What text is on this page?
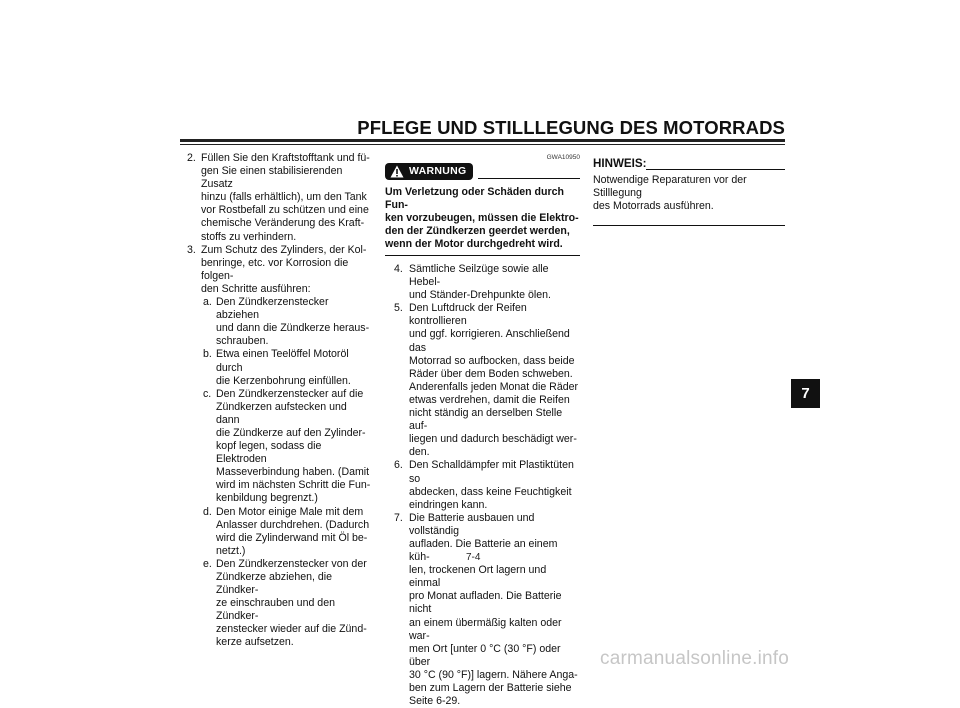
PFLEGE UND STILLLEGUNG DES MOTORRADS
2. Füllen Sie den Kraftstofftank und fü-
gen Sie einen stabilisierenden Zusatz
hinzu (falls erhältlich), um den Tank
vor Rostbefall zu schützen und eine
chemische Veränderung des Kraft-
stoffs zu verhindern.
3. Zum Schutz des Zylinders, der Kol-
benringe, etc. vor Korrosion die folgen-
den Schritte ausführen:
a. Den Zündkerzenstecker abziehen
und dann die Zündkerze heraus-
schrauben.
b. Etwa einen Teelöffel Motoröl durch
die Kerzenbohrung einfüllen.
c. Den Zündkerzenstecker auf die
Zündkerzen aufstecken und dann
die Zündkerze auf den Zylinder-
kopf legen, sodass die Elektroden
Masseverbindung haben. (Damit
wird im nächsten Schritt die Fun-
kenbildung begrenzt.)
d. Den Motor einige Male mit dem
Anlasser durchdrehen. (Dadurch
wird die Zylinderwand mit Öl be-
netzt.)
e. Den Zündkerzenstecker von der
Zündkerze abziehen, die Zündker-
ze einschrauben und den Zündker-
zenstecker wieder auf die Zünd-
kerze aufsetzen.
GWA10950
WARNUNG
Um Verletzung oder Schäden durch Fun-
ken vorzubeugen, müssen die Elektro-
den der Zündkerzen geerdet werden,
wenn der Motor durchgedreht wird.
4. Sämtliche Seilzüge sowie alle Hebel-
und Ständer-Drehpunkte ölen.
5. Den Luftdruck der Reifen kontrollieren
und ggf. korrigieren. Anschließend das
Motorrad so aufbocken, dass beide
Räder über dem Boden schweben.
Anderenfalls jeden Monat die Räder
etwas verdrehen, damit die Reifen
nicht ständig an derselben Stelle auf-
liegen und dadurch beschädigt wer-
den.
6. Den Schalldämpfer mit Plastiktüten so
abdecken, dass keine Feuchtigkeit
eindringen kann.
7. Die Batterie ausbauen und vollständig
aufladen. Die Batterie an einem küh-
len, trockenen Ort lagern und einmal
pro Monat aufladen. Die Batterie nicht
an einem übermäßig kalten oder war-
men Ort [unter 0 °C (30 °F) oder über
30 °C (90 °F)] lagern. Nähere Anga-
ben zum Lagern der Batterie siehe
Seite 6-29.
HINWEIS:
Notwendige Reparaturen vor der Stilllegung
des Motorrads ausführen.
7-4
7
carmanualsonline.info
